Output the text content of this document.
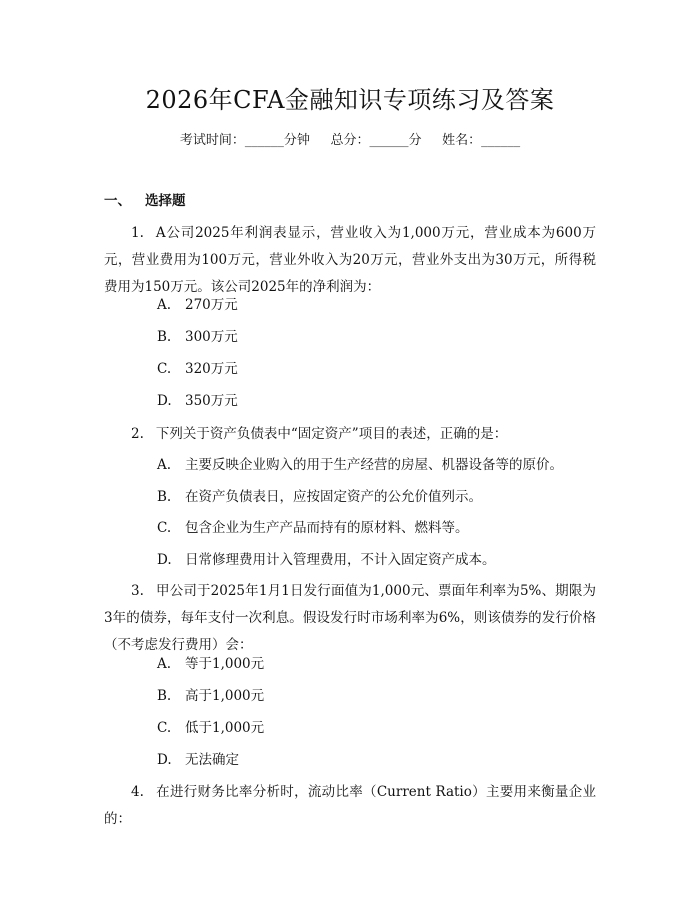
2026年CFA金融知识专项练习及答案
考试时间：______分钟     总分：______分     姓名：______
一、 选择题
1. A公司2025年利润表显示，营业收入为1,000万元，营业成本为600万元，营业费用为100万元，营业外收入为20万元，营业外支出为30万元，所得税费用为150万元。该公司2025年的净利润为：
A. 270万元
B. 300万元
C. 320万元
D. 350万元
2. 下列关于资产负债表中“固定资产”项目的表述，正确的是：
A. 主要反映企业购入的用于生产经营的房屋、机器设备等的原价。
B. 在资产负债表日，应按固定资产的公允价值列示。
C. 包含企业为生产产品而持有的原材料、燃料等。
D. 日常修理费用计入管理费用，不计入固定资产成本。
3. 甲公司于2025年1月1日发行面值为1,000元、票面年利率为5%、期限为3年的债券，每年支付一次利息。假设发行时市场利率为6%，则该债券的发行价格（不考虑发行费用）会：
A. 等于1,000元
B. 高于1,000元
C. 低于1,000元
D. 无法确定
4. 在进行财务比率分析时，流动比率（Current Ratio）主要用来衡量企业的：
